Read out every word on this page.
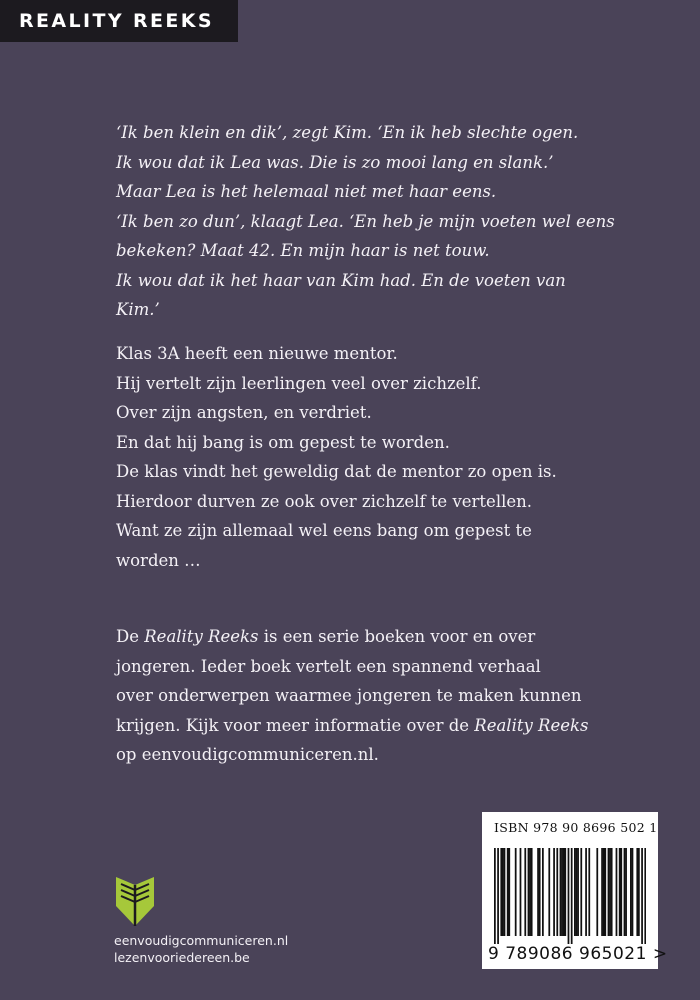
REALITY REEKS

‘Ik ben klein en dik’, zegt Kim. ‘En ik heb slechte ogen.

Ik wou dat ik Lea was. Die is zo mooi lang en slank.’

Maar Lea is het helemaal niet met haar eens.

‘Ik ben zo dun’, klaagt Lea. ‘En heb je mijn voeten wel eens

bekeken? Maat 42. En mijn haar is net touw.

Ik wou dat ik het haar van Kim had. En de voeten van

Kim.’

Klas 3A heeft een nieuwe mentor.

Hij vertelt zijn leerlingen veel over zichzelf.

Over zijn angsten, en verdriet.

En dat hij bang is om gepest te worden.

De klas vindt het geweldig dat de mentor zo open is.

Hierdoor durven ze ook over zichzelf te vertellen.

Want ze zijn allemaal wel eens bang om gepest te

worden …

De Reality Reeks is een serie boeken voor en over

jongeren. Ieder boek vertelt een spannend verhaal

over onderwerpen waarmee jongeren te maken kunnen

krijgen. Kijk voor meer informatie over de Reality Reeks

op eenvoudigcommuniceren.nl.

eenvoudigcommuniceren.nl
lezenvooriedereen.be
ISBN 978 90 8696 502 1
9 789086 965021 >
